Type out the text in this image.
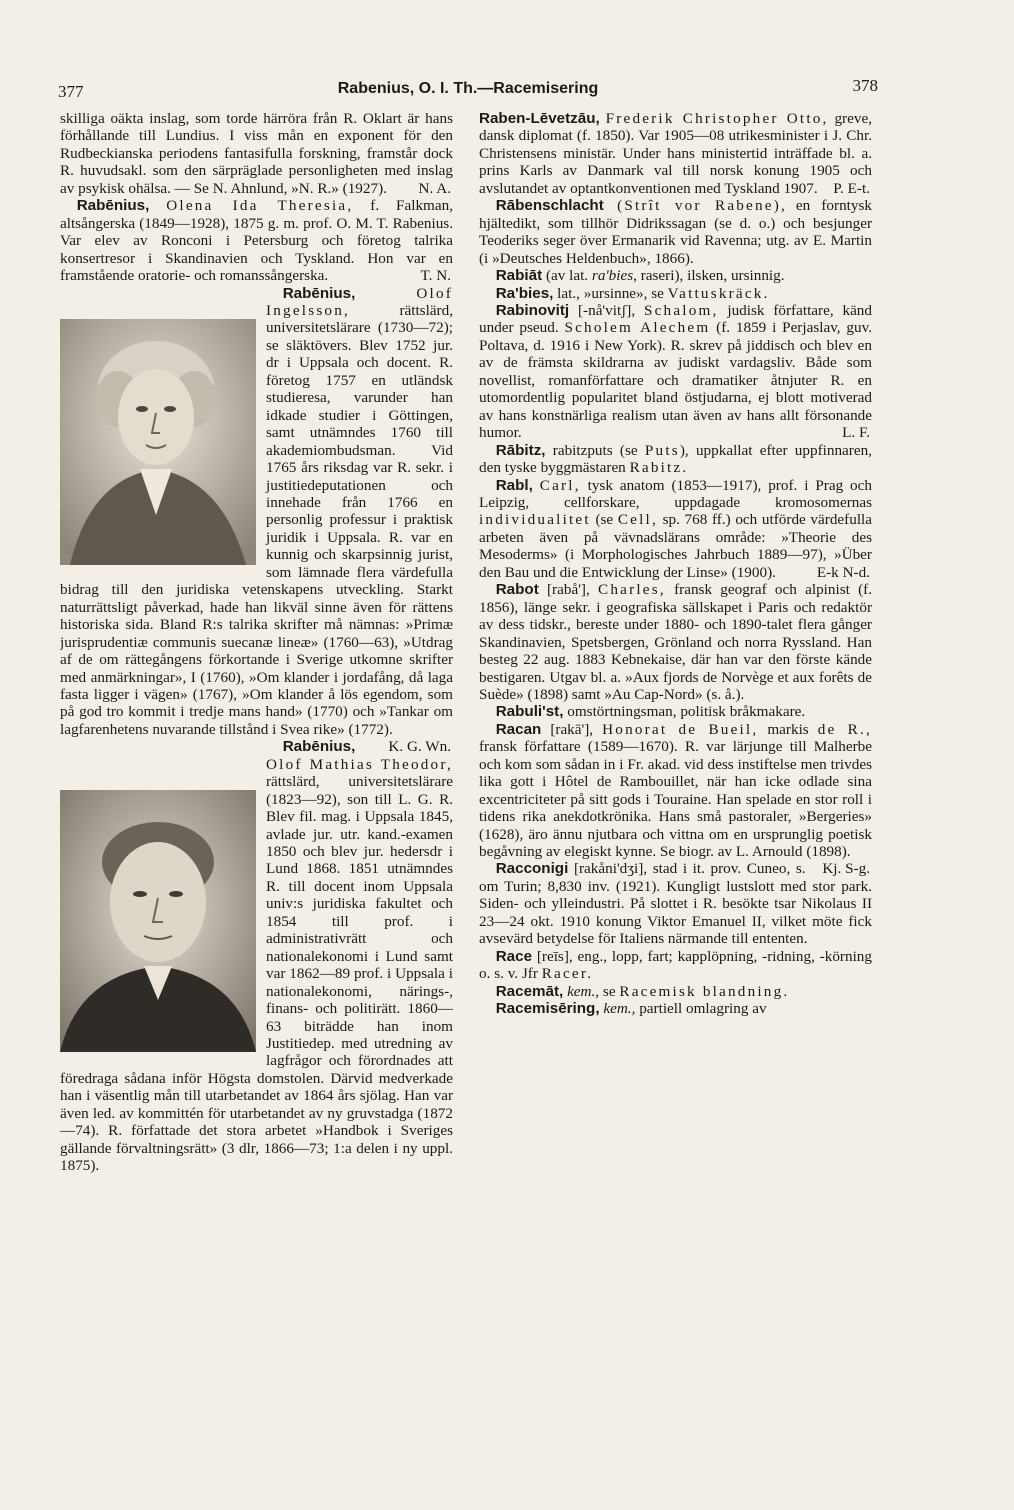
377	Rabenius, O. I. Th.—Racemisering	378

skilliga oäkta inslag, som torde härröra från R. Oklart är hans förhållande till Lundius. I viss mån en exponent för den Rudbeckianska periodens fantasifulla forskning, framstår dock R. huvudsakl. som den särpräglade personligheten med inslag av psykisk ohälsa. — Se N. Ahnlund, »N. R.» (1927). N. A.

Rabēnius, Olena Ida Theresia, f. Falkman, altsångerska (1849—1928), 1875 g. m. prof. O. M. T. Rabenius. Var elev av Ronconi i Petersburg och företog talrika konsertresor i Skandinavien och Tyskland. Hon var en framstående oratorie- och romanssångerska.	T. N.

Rabēnius,	Olof Ingelsson, rättslärd, universitetslärare (1730—72); se släktövers. Blev 1752 jur. dr i Uppsala och docent. R. företog 1757 en utländsk studieresa, varunder han idkade studier i Göttingen, samt utnämndes 1760 till akademiombudsman. Vid 1765 års riksdag var R. sekr. i justitiedeputationen och innehade från 1766 en personlig professur i praktisk juridik i Uppsala. R. var en kunnig och skarpsinnig jurist, som lämnade flera värdefulla bidrag till den juridiska vetenskapens utveckling. Starkt naturrättsligt påverkad, hade han likväl sinne även för rättens historiska sida. Bland R:s talrika skrifter må nämnas: »Primæ jurisprudentiæ communis suecanæ lineæ» (1760—63), »Utdrag af de om rättegångens förkortande i Sverige utkomne skrifter med anmärkningar», I (1760), »Om klander i jordafång, då laga fasta ligger i vägen» (1767), »Om klander å lös egendom, som på god tro kommit i tredje mans hand» (1770) och »Tankar om lagfarenhetens nuvarande tillstånd i Svea rike» (1772).
K. G. Wn.

Rabēnius, Olof Mathias Theodor, rättslärd, universitetslärare (1823—92), son till L. G. R. Blev fil. mag. i Uppsala 1845, avlade jur. utr. kand.-examen 1850 och blev jur. hedersdr i Lund 1868. 1851 utnämndes R. till docent inom Uppsala univ:s juridiska fakultet och 1854 till prof. i administrativrätt och nationalekonomi i Lund samt var 1862—89 prof. i Uppsala i nationalekonomi, närings-, finans- och politirätt. 1860—63 biträdde han inom Justitiedep. med utredning av lagfrågor och förordnades att föredraga sådana inför Högsta domstolen. Därvid medverkade han i väsentlig mån till utarbetandet av 1864 års sjölag. Han var även led. av kommittén för utarbetandet av ny gruvstadga (1872—74). R. författade det stora arbetet »Handbok i Sveriges gällande förvaltningsrätt» (3 dlr, 1866—73; 1:a delen i ny uppl. 1875).

Raben-Lēvetzāu, Frederik Christopher Otto, greve, dansk diplomat (f. 1850). Var 1905—08 utrikesminister i J. Chr. Christensens ministär. Under hans ministertid inträffade bl. a. prins Karls av Danmark val till norsk konung 1905 och avslutandet av optantkonventionen med Tyskland 1907. P. E-t.

Rābenschlacht (Strît vor Rabene), en forntysk hjältedikt, som tillhör Didrikssagan (se d. o.) och besjunger Teoderiks seger över Ermanarik vid Ravenna; utg. av E. Martin (i »Deutsches Heldenbuch», 1866).

Rabiāt (av lat. ra'bies, raseri), ilsken, ursinnig.

Ra'bies, lat., »ursinne», se Vattuskräck.

Rabinovitj [-nå'vitʃ], Schalom, judisk författare, känd under pseud. Scholem Alechem (f. 1859 i Perjaslav, guv. Poltava, d. 1916 i New York). R. skrev på jiddisch och blev en av de främsta skildrarna av judiskt vardagsliv. Både som novellist, romanförfattare och dramatiker åtnjuter R. en utomordentlig popularitet bland östjudarna, ej blott motiverad av hans konstnärliga realism utan även av hans allt försonande humor.	L. F.

Rābitz, rabitzputs (se Puts), uppkallat efter uppfinnaren, den tyske byggmästaren Rabitz.

Rabl, Carl, tysk anatom (1853—1917), prof. i Prag och Leipzig, cellforskare, uppdagade kromosomernas individualitet (se Cell, sp. 768 ff.) och utförde värdefulla arbeten även på vävnadslärans område: »Theorie des Mesoderms» (i Morphologisches Jahrbuch 1889—97), »Über den Bau und die Entwicklung der Linse» (1900).	E-k N-d.

Rabot [rabå'], Charles, fransk geograf och alpinist (f. 1856), länge sekr. i geografiska sällskapet i Paris och redaktör av dess tidskr., bereste under 1880- och 1890-talet flera gånger Skandinavien, Spetsbergen, Grönland och norra Ryssland. Han besteg 22 aug. 1883 Kebnekaise, där han var den förste kände bestigaren. Utgav bl. a. »Aux fjords de Norvège et aux forêts de Suède» (1898) samt »Au Cap-Nord» (s. å.).

Rabuli'st, omstörtningsman, politisk bråkmakare.

Racan [rakā'], Honorat de Bueil, markis de R., fransk författare (1589—1670). R. var lärjunge till Malherbe och kom som sådan in i Fr. akad. vid dess instiftelse men trivdes lika gott i Hôtel de Rambouillet, när han icke odlade sina excentriciteter på sitt gods i Touraine. Han spelade en stor roll i tidens rika anekdotkrönika. Hans små pastoraler, »Bergeries» (1628), äro ännu njutbara och vittna om en ursprunglig poetisk begåvning av elegiskt kynne. Se biogr. av L. Arnould (1898).
Kj. S-g.

Racconigi [rakåni'dʒi], stad i it. prov. Cuneo, s. om Turin; 8,830 inv. (1921). Kungligt lustslott med stor park. Siden- och ylleindustri. På slottet i R. besökte tsar Nikolaus II 23—24 okt. 1910 konung Viktor Emanuel II, vilket möte fick avsevärd betydelse för Italiens närmande till ententen.

Race [reīs], eng., lopp, fart; kapplöpning, -ridning, -körning o. s. v. Jfr Racer.

Racemāt, kem., se Racemisk blandning.

Racemisēring, kem., partiell omlagring av
